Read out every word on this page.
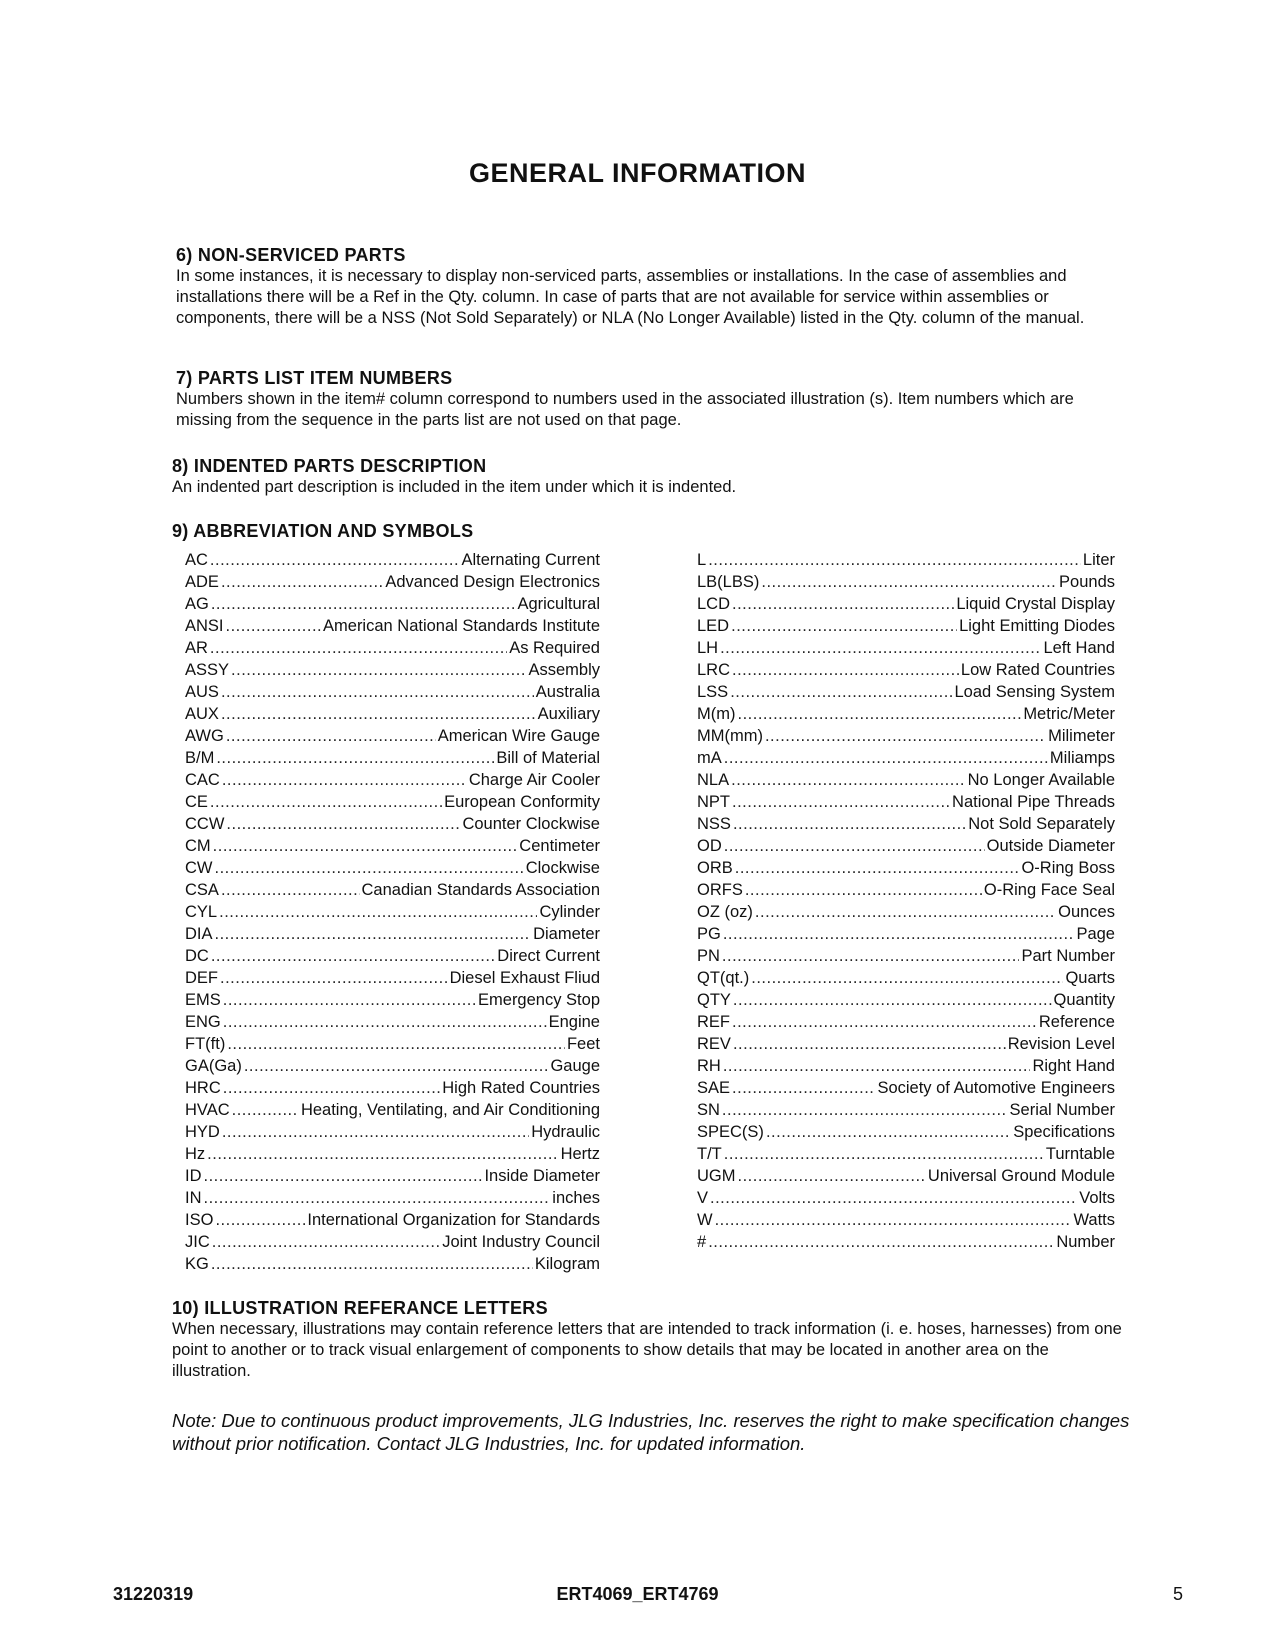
GENERAL INFORMATION
6) NON-SERVICED PARTS

In some instances, it is necessary to display non-serviced parts, assemblies or installations. In the case of assemblies and installations there will be a Ref in the Qty. column. In case of parts that are not available for service within assemblies or components, there will be a NSS (Not Sold Separately) or NLA (No Longer Available) listed in the Qty. column of the manual.

7) PARTS LIST ITEM NUMBERS

Numbers shown in the item# column correspond to numbers used in the associated illustration (s). Item numbers which are missing from the sequence in the parts list are not used on that page.

8) INDENTED PARTS DESCRIPTION

An indented part description is included in the item under which it is indented.

9) ABBREVIATION AND SYMBOLS
AC .....	Alternating Current
ADE .....	Advanced Design Electronics
AG .....	Agricultural
ANSI .....	American National Standards Institute
AR .....	As Required
ASSY .....	Assembly
AUS .....	Australia
AUX .....	Auxiliary
AWG .....	American Wire Gauge
B/M .....	Bill of Material
CAC .....	Charge Air Cooler
CE .....	European Conformity
CCW .....	Counter Clockwise
CM .....	Centimeter
CW .....	Clockwise
CSA .....	Canadian Standards Association
CYL .....	Cylinder
DIA .....	Diameter
DC .....	Direct Current
DEF .....	Diesel Exhaust Fliud
EMS .....	Emergency Stop
ENG .....	Engine
FT(ft) .....	Feet
GA(Ga) .....	Gauge
HRC .....	High Rated Countries
HVAC .....	Heating, Ventilating, and Air Conditioning
HYD .....	Hydraulic
Hz .....	Hertz
ID .....	Inside Diameter
IN .....	inches
ISO .....	International Organization for Standards
JIC .....	Joint Industry Council
KG .....	Kilogram
L .....	Liter
LB(LBS) .....	Pounds
LCD .....	Liquid Crystal Display
LED .....	Light Emitting Diodes
LH .....	Left Hand
LRC .....	Low Rated Countries
LSS .....	Load Sensing System
M(m) .....	Metric/Meter
MM(mm) .....	Milimeter
mA .....	Miliamps
NLA .....	No Longer Available
NPT .....	National Pipe Threads
NSS .....	Not Sold Separately
OD .....	Outside Diameter
ORB .....	O-Ring Boss
ORFS .....	O-Ring Face Seal
OZ (oz) .....	Ounces
PG .....	Page
PN .....	Part Number
QT(qt.) .....	Quarts
QTY .....	Quantity
REF .....	Reference
REV .....	Revision Level
RH .....	Right Hand
SAE .....	Society of Automotive Engineers
SN .....	Serial Number
SPEC(S) .....	Specifications
T/T .....	Turntable
UGM .....	Universal Ground Module
V .....	Volts
W .....	Watts
# .....	Number
10) ILLUSTRATION REFERANCE LETTERS

When necessary, illustrations may contain reference letters that are intended to track information (i. e. hoses, harnesses) from one point to another or to track visual enlargement of components to show details that may be located in another area on the illustration.

Note: Due to continuous product improvements, JLG Industries, Inc. reserves the right to make specification changes without prior notification. Contact JLG Industries, Inc. for updated information.

31220319	ERT4069_ERT4769	5
